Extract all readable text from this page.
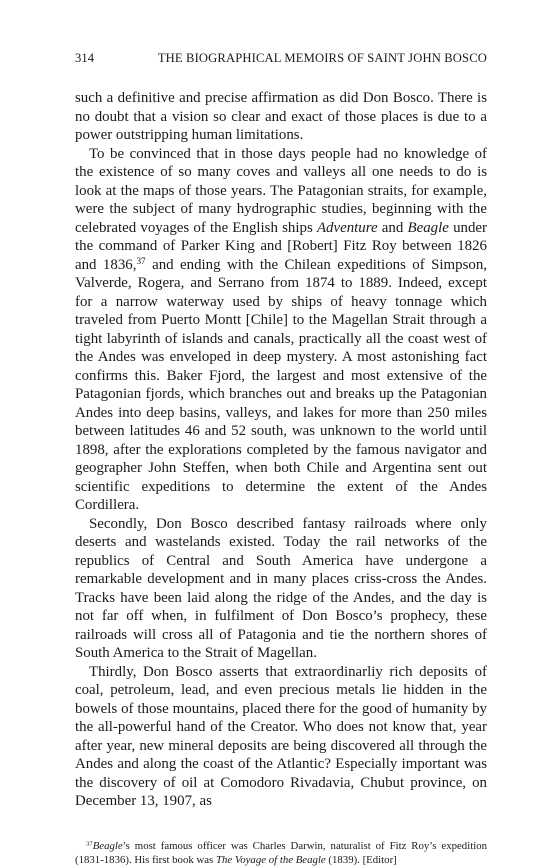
314	THE BIOGRAPHICAL MEMOIRS OF SAINT JOHN BOSCO

such a definitive and precise affirmation as did Don Bosco. There is no doubt that a vision so clear and exact of those places is due to a power outstripping human limitations.

To be convinced that in those days people had no knowledge of the existence of so many coves and valleys all one needs to do is look at the maps of those years. The Patagonian straits, for example, were the subject of many hydrographic studies, beginning with the celebrated voyages of the English ships Adventure and Beagle under the command of Parker King and [Robert] Fitz Roy between 1826 and 1836,37 and ending with the Chilean expeditions of Simpson, Valverde, Rogera, and Serrano from 1874 to 1889. Indeed, except for a narrow waterway used by ships of heavy tonnage which traveled from Puerto Montt [Chile] to the Magellan Strait through a tight labyrinth of islands and canals, practically all the coast west of the Andes was enveloped in deep mystery. A most astonishing fact confirms this. Baker Fjord, the largest and most extensive of the Patagonian fjords, which branches out and breaks up the Patagonian Andes into deep basins, valleys, and lakes for more than 250 miles between latitudes 46 and 52 south, was unknown to the world until 1898, after the explorations completed by the famous navigator and geographer John Steffen, when both Chile and Argentina sent out scientific expeditions to determine the extent of the Andes Cordillera.

Secondly, Don Bosco described fantasy railroads where only deserts and wastelands existed. Today the rail networks of the republics of Central and South America have undergone a remarkable development and in many places criss-cross the Andes. Tracks have been laid along the ridge of the Andes, and the day is not far off when, in fulfilment of Don Bosco’s prophecy, these railroads will cross all of Patagonia and tie the northern shores of South America to the Strait of Magellan.

Thirdly, Don Bosco asserts that extraordinarliy rich deposits of coal, petroleum, lead, and even precious metals lie hidden in the bowels of those mountains, placed there for the good of humanity by the all-powerful hand of the Creator. Who does not know that, year after year, new mineral deposits are being discovered all through the Andes and along the coast of the Atlantic? Especially important was the discovery of oil at Comodoro Rivadavia, Chubut province, on December 13, 1907, as

$^{37}$Beagle’s most famous officer was Charles Darwin, naturalist of Fitz Roy’s expedition (1831-1836). His first book was The Voyage of the Beagle (1839). [Editor]
